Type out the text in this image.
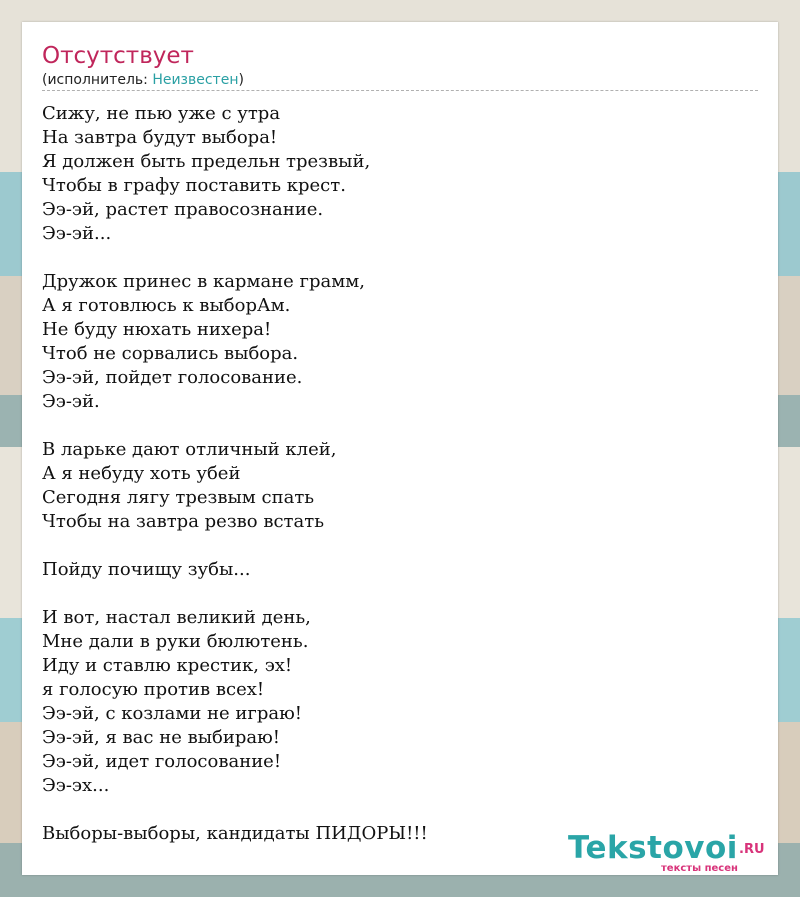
Отсутствует
(исполнитель: Неизвестен)
Сижу, не пью уже с утра
На завтра будут выбора!
Я должен быть предельн трезвый,
Чтобы в графу поставить крест.
Ээ-эй, растет правосознание.
Ээ-эй...
Дружок принес в кармане грамм,
А я готовлюсь к выборАм.
Не буду нюхать нихера!
Чтоб не сорвались выбора.
Ээ-эй, пойдет голосование.
Ээ-эй.
В ларьке дают отличный клей,
А я небуду хоть убей
Сегодня лягу трезвым спать
Чтобы на завтра резво встать
Пойду почищу зубы...
И вот, настал великий день,
Мне дали в руки бюлютень.
Иду и ставлю крестик, эх!
я голосую против всех!
Ээ-эй, с козлами не играю!
Ээ-эй, я вас не выбираю!
Ээ-эй, идет голосование!
Ээ-эх...
Выборы-выборы, кандидаты ПИДОРЫ!!!	Tekstovoi .RU
тексты песен
